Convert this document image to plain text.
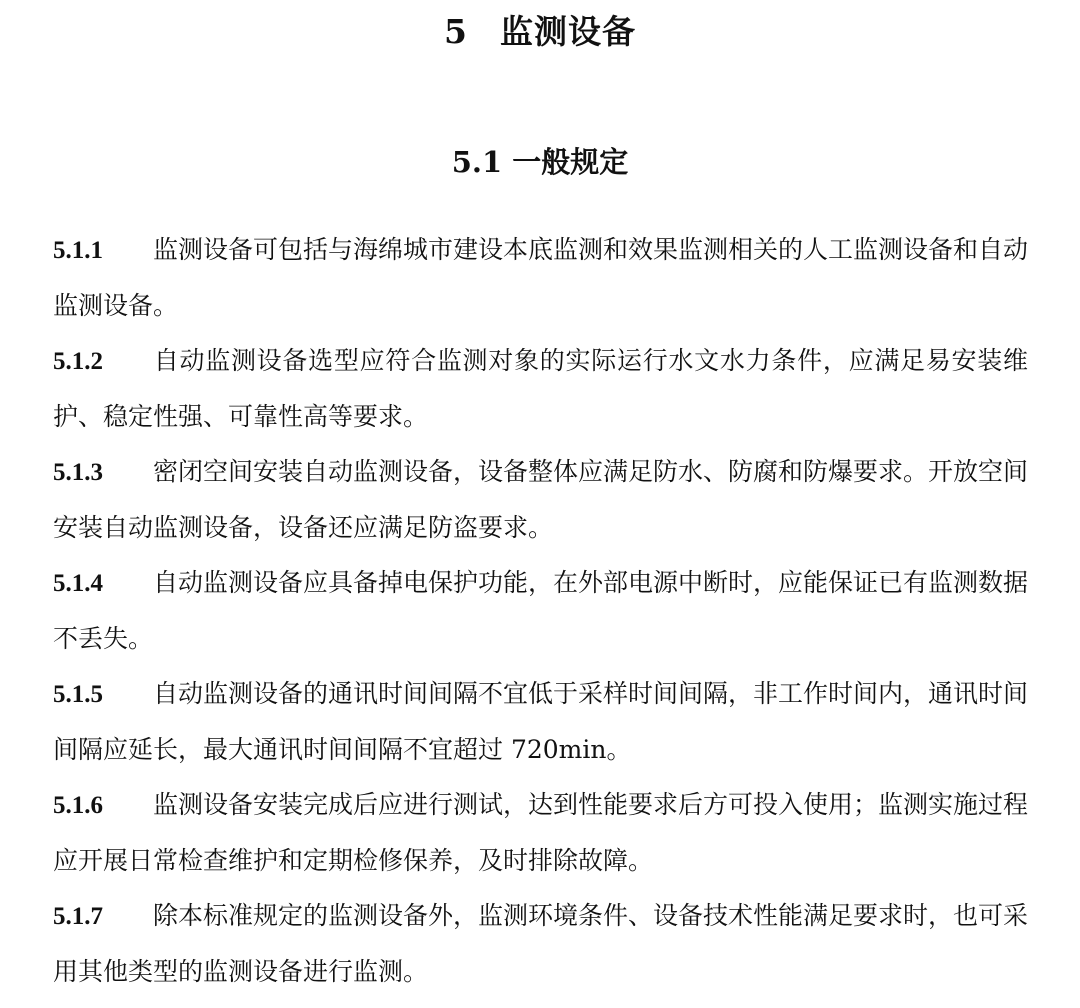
5 监测设备
5.1 一般规定

5.1.1 监测设备可包括与海绵城市建设本底监测和效果监测相关的人工监测设备和自动监测设备。

5.1.2 自动监测设备选型应符合监测对象的实际运行水文水力条件，应满足易安装维护、稳定性强、可靠性高等要求。

5.1.3 密闭空间安装自动监测设备，设备整体应满足防水、防腐和防爆要求。开放空间安装自动监测设备，设备还应满足防盗要求。

5.1.4 自动监测设备应具备掉电保护功能，在外部电源中断时，应能保证已有监测数据不丢失。

5.1.5 自动监测设备的通讯时间间隔不宜低于采样时间间隔，非工作时间内，通讯时间间隔应延长，最大通讯时间间隔不宜超过 720min。

5.1.6 监测设备安装完成后应进行测试，达到性能要求后方可投入使用；监测实施过程应开展日常检查维护和定期检修保养，及时排除故障。

5.1.7 除本标准规定的监测设备外，监测环境条件、设备技术性能满足要求时，也可采用其他类型的监测设备进行监测。
